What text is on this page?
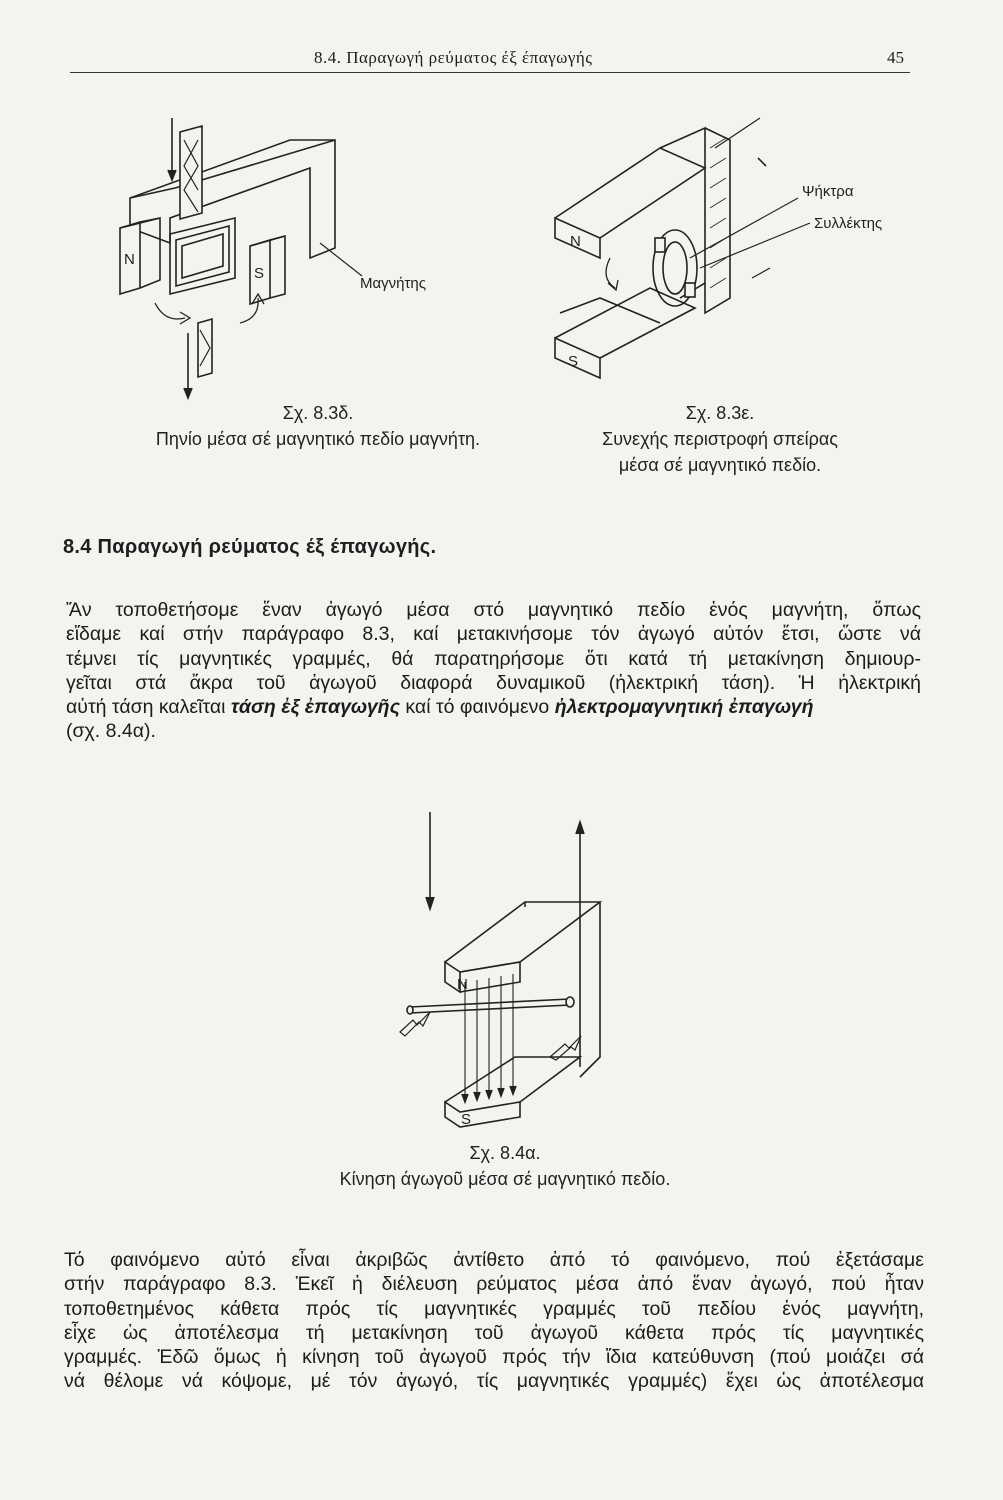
8.4. Παραγωγή ρεύματος έξ έπαγωγής	45
N
S
Μαγνήτης
Σχ. 8.3δ.
Πηνίο μέσα σέ μαγνητικό πεδίο μαγνήτη.
N
S
Ψήκτρα
Συλλέκτης
Σχ. 8.3ε.
Συνεχής περιστροφή σπείρας
μέσα σέ μαγνητικό πεδίο.
8.4 Παραγωγή ρεύματος έξ έπαγωγής.
Ἄν τοποθετήσομε ἕναν ἀγωγό μέσα στό μαγνητικό πεδίο ἑνός μαγνήτη, ὅπως
εἴδαμε καί στήν παράγραφο 8.3, καί μετακινήσομε τόν ἀγωγό αὐτόν ἔτσι, ὥστε νά
τέμνει τίς μαγνητικές γραμμές, θά παρατηρήσομε ὅτι κατά τή μετακίνηση δημιουρ-
γεῖται στά ἄκρα τοῦ ἀγωγοῦ διαφορά δυναμικοῦ (ἠλεκτρική τάση). Ἡ ἠλεκτρική
αὐτή τάση καλεῖται τάση ἐξ ἐπαγωγῆς καί τό φαινόμενο ἠλεκτρομαγνητική ἐπαγωγή
(σχ. 8.4α).
N
S
Σχ. 8.4α.
Κίνηση άγωγοῦ μέσα σέ μαγνητικό πεδίο.
Τό φαινόμενο αὐτό εἶναι ἀκριβῶς ἀντίθετο ἀπό τό φαινόμενο, πού ἐξετάσαμε
στήν παράγραφο 8.3. Ἐκεῖ ἡ διέλευση ρεύματος μέσα ἀπό ἕναν ἀγωγό, πού ἦταν
τοποθετημένος κάθετα πρός τίς μαγνητικές γραμμές τοῦ πεδίου ἑνός μαγνήτη,
εἶχε ὡς ἀποτέλεσμα τή μετακίνηση τοῦ ἀγωγοῦ κάθετα πρός τίς μαγνητικές
γραμμές. Ἐδῶ ὅμως ἡ κίνηση τοῦ ἀγωγοῦ πρός τήν ἴδια κατεύθυνση (πού μοιάζει σά
νά θέλομε νά κόψομε, μέ τόν ἀγωγό, τίς μαγνητικές γραμμές) ἔχει ὡς ἀποτέλεσμα
